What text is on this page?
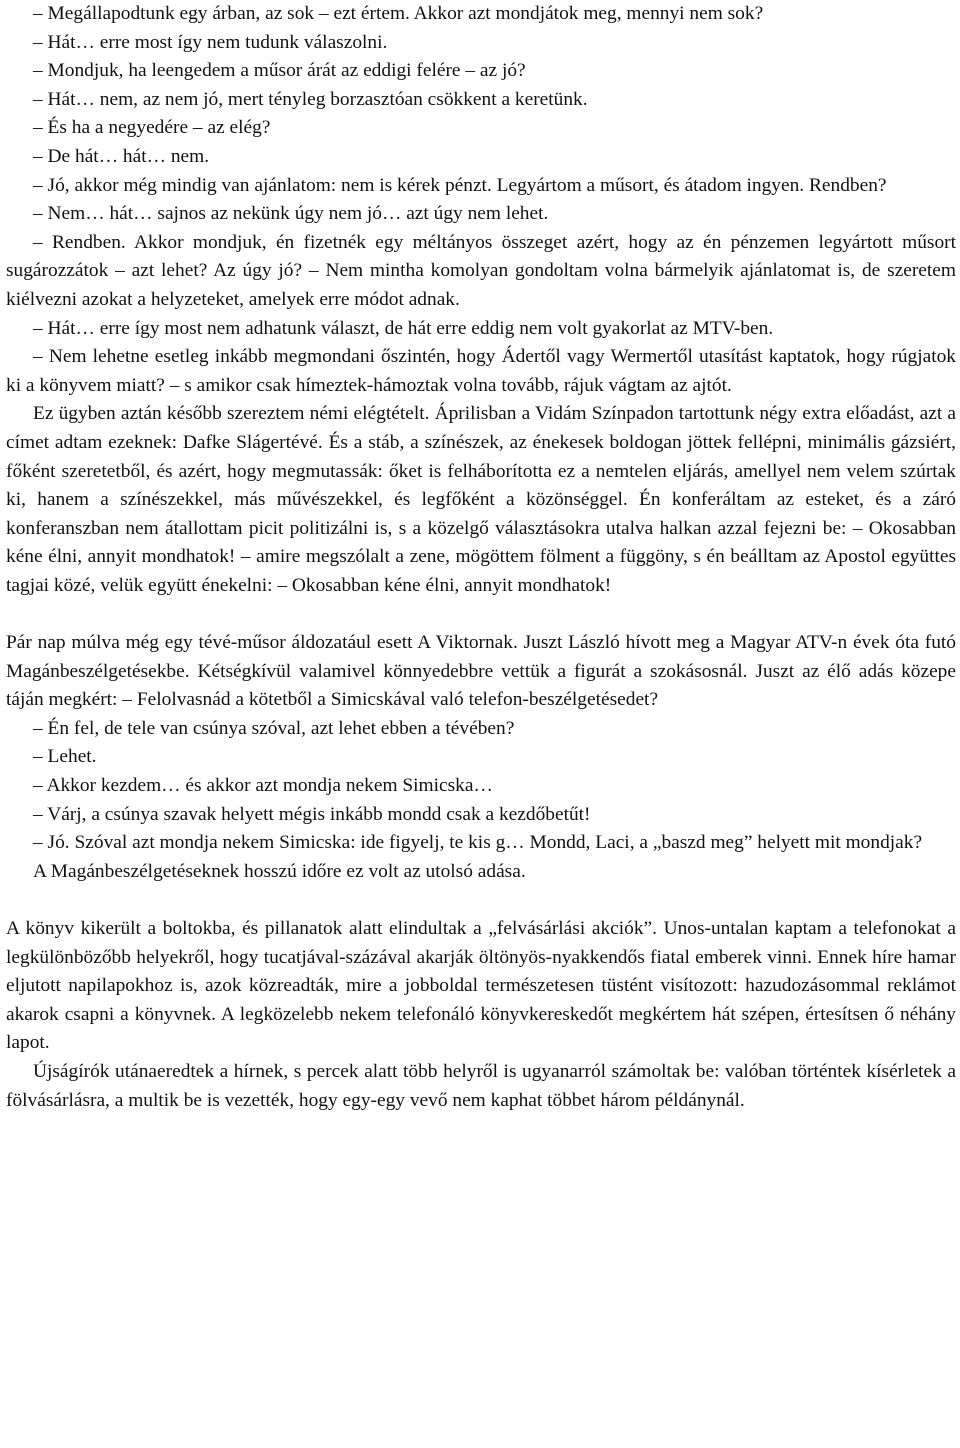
– Megállapodtunk egy árban, az sok – ezt értem. Akkor azt mondjátok meg, mennyi nem sok?

– Hát… erre most így nem tudunk válaszolni.

– Mondjuk, ha leengedem a műsor árát az eddigi felére – az jó?

– Hát… nem, az nem jó, mert tényleg borzasztóan csökkent a keretünk.

– És ha a negyedére – az elég?

– De hát… hát… nem.

– Jó, akkor még mindig van ajánlatom: nem is kérek pénzt. Legyártom a műsort, és átadom ingyen. Rendben?

– Nem… hát… sajnos az nekünk úgy nem jó… azt úgy nem lehet.

– Rendben. Akkor mondjuk, én fizetnék egy méltányos összeget azért, hogy az én pénzemen legyártott műsort sugározzátok – azt lehet? Az úgy jó? – Nem mintha komolyan gondoltam volna bármelyik ajánlatomat is, de szeretem kiélvezni azokat a helyzeteket, amelyek erre módot adnak.

– Hát… erre így most nem adhatunk választ, de hát erre eddig nem volt gyakorlat az MTV-ben.

– Nem lehetne esetleg inkább megmondani őszintén, hogy Ádertől vagy Wermertől utasítást kaptatok, hogy rúgjatok ki a könyvem miatt? – s amikor csak hímeztek-hámoztak volna tovább, rájuk vágtam az ajtót.

Ez ügyben aztán később szereztem némi elégtételt. Áprilisban a Vidám Színpadon tartottunk négy extra előadást, azt a címet adtam ezeknek: Dafke Slágertévé. És a stáb, a színészek, az énekesek boldogan jöttek fellépni, minimális gázsiért, főként szeretetből, és azért, hogy megmutassák: őket is felháborította ez a nemtelen eljárás, amellyel nem velem szúrtak ki, hanem a színészekkel, más művészekkel, és legfőként a közönséggel. Én konferáltam az esteket, és a záró konferanszban nem átallottam picit politizálni is, s a közelgő választásokra utalva halkan azzal fejezni be: – Okosabban kéne élni, annyit mondhatok! – amire megszólalt a zene, mögöttem fölment a függöny, s én beálltam az Apostol együttes tagjai közé, velük együtt énekelni: – Okosabban kéne élni, annyit mondhatok!

Pár nap múlva még egy tévé-műsor áldozatául esett A Viktornak. Juszt László hívott meg a Magyar ATV-n évek óta futó Magánbeszélgetésekbe. Kétségkívül valamivel könnyedebbre vettük a figurát a szokásosnál. Juszt az élő adás közepe táján megkért: – Felolvasnád a kötetből a Simicskával való telefon-beszélgetésedet?

– Én fel, de tele van csúnya szóval, azt lehet ebben a tévében?

– Lehet.

– Akkor kezdem… és akkor azt mondja nekem Simicska…

– Várj, a csúnya szavak helyett mégis inkább mondd csak a kezdőbetűt!

– Jó. Szóval azt mondja nekem Simicska: ide figyelj, te kis g… Mondd, Laci, a „baszd meg” helyett mit mondjak?

A Magánbeszélgetéseknek hosszú időre ez volt az utolsó adása.

A könyv kikerült a boltokba, és pillanatok alatt elindultak a „felvásárlási akciók”. Unos-untalan kaptam a telefonokat a legkülönbözőbb helyekről, hogy tucatjával-százával akarják öltönyös-nyakkendős fiatal emberek vinni. Ennek híre hamar eljutott napilapokhoz is, azok közreadták, mire a jobboldal természetesen tüstént visítozott: hazudozásommal reklámot akarok csapni a könyvnek. A legközelebb nekem telefonáló könyvkereskedőt megkértem hát szépen, értesítsen ő néhány lapot.

Újságírók utánaeredtek a hírnek, s percek alatt több helyről is ugyanarról számoltak be: valóban történtek kísérletek a fölvásárlásra, a multik be is vezették, hogy egy-egy vevő nem kaphat többet három példánynál.
